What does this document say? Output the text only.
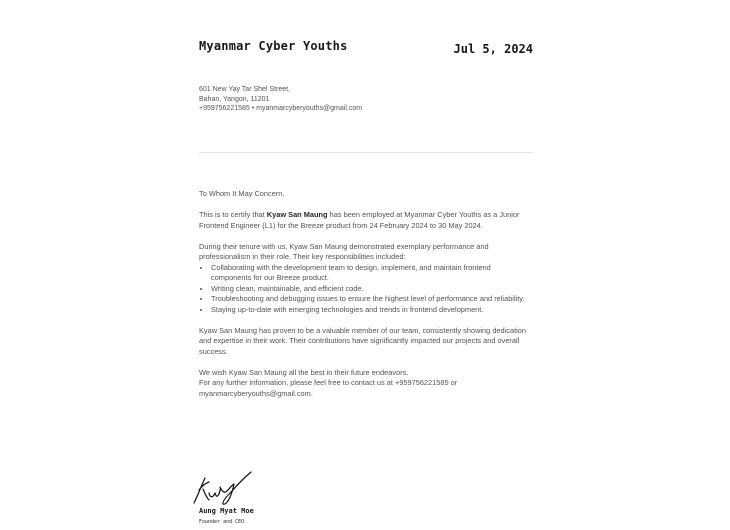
Myanmar Cyber Youths	Jul 5, 2024
601 New Yay Tar Shel Street,
Bahan, Yangon, 11201
+959756221585 • myanmarcyberyouths@gmail.com

To Whom It May Concern,

This is to certify that Kyaw San Maung has been employed at Myanmar Cyber Youths as a Junior Frontend Engineer (L1) for the Breeze product from 24 February 2024 to 30 May 2024.

During their tenure with us, Kyaw San Maung demonstrated exemplary performance and professionalism in their role. Their key responsibilities included:

• Collaborating with the development team to design, implement, and maintain frontend components for our Breeze product.
• Writing clean, maintainable, and efficient code.
• Troubleshooting and debugging issues to ensure the highest level of performance and reliability.
• Staying up-to-date with emerging technologies and trends in frontend development.

Kyaw San Maung has proven to be a valuable member of our team, consistently showing dedication and expertise in their work. Their contributions have significantly impacted our projects and overall success.

We wish Kyaw San Maung all the best in their future endeavors.

For any further information, please feel free to contact us at +959756221585 or myanmarcyberyouths@gmail.com.

Aung Myat Moe
Founder and CEO
